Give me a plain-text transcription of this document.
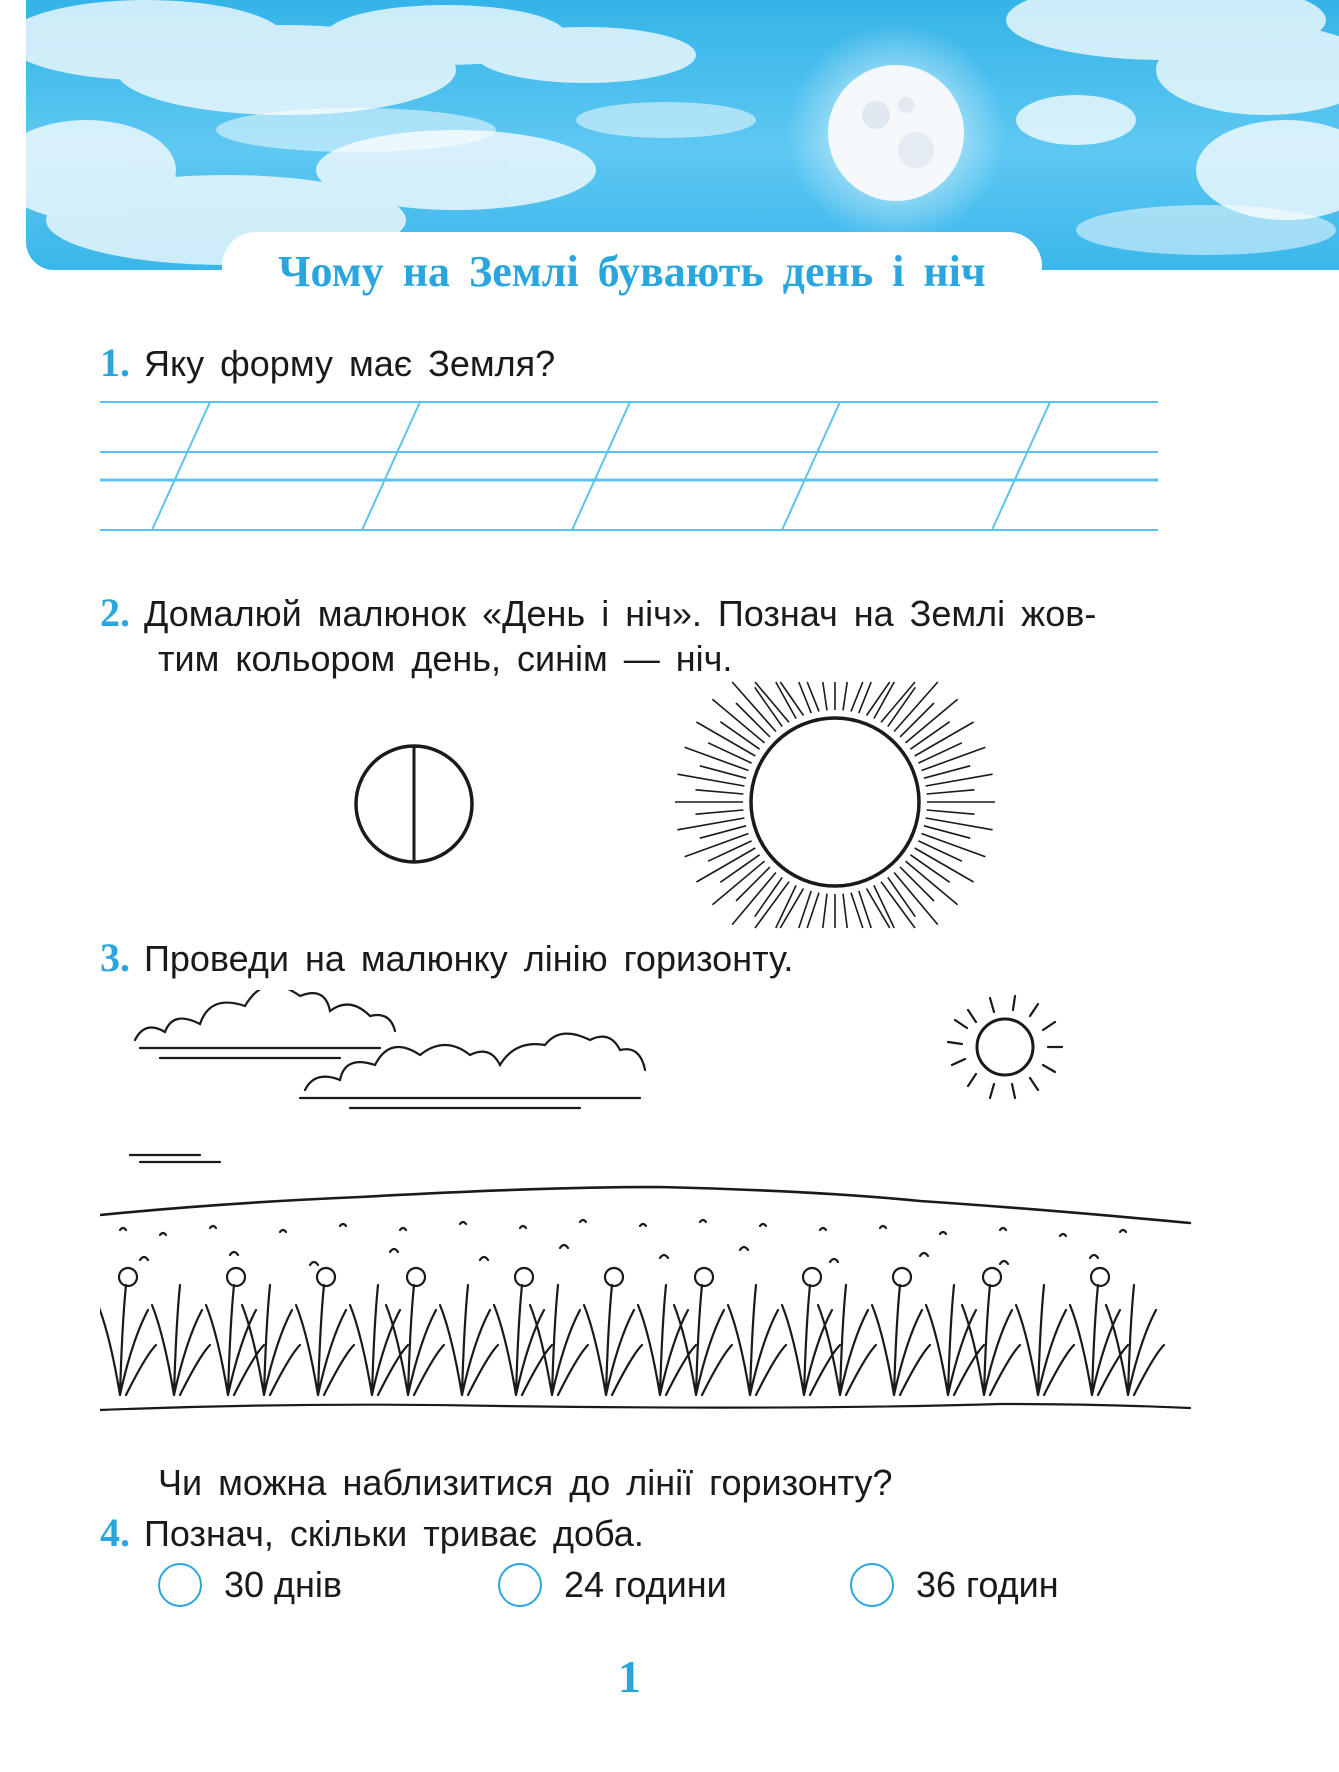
Чому на Землі бувають день і ніч
1. Яку форму має Земля?
2. Домалюй малюнок «День і ніч». Познач на Землі жов-
тим кольором день, синім — ніч.
3. Проведи на малюнку лінію горизонту.
Чи можна наблизитися до лінії горизонту?
4. Познач, скільки триває доба.
30 днів	24 години	36 годин
1
